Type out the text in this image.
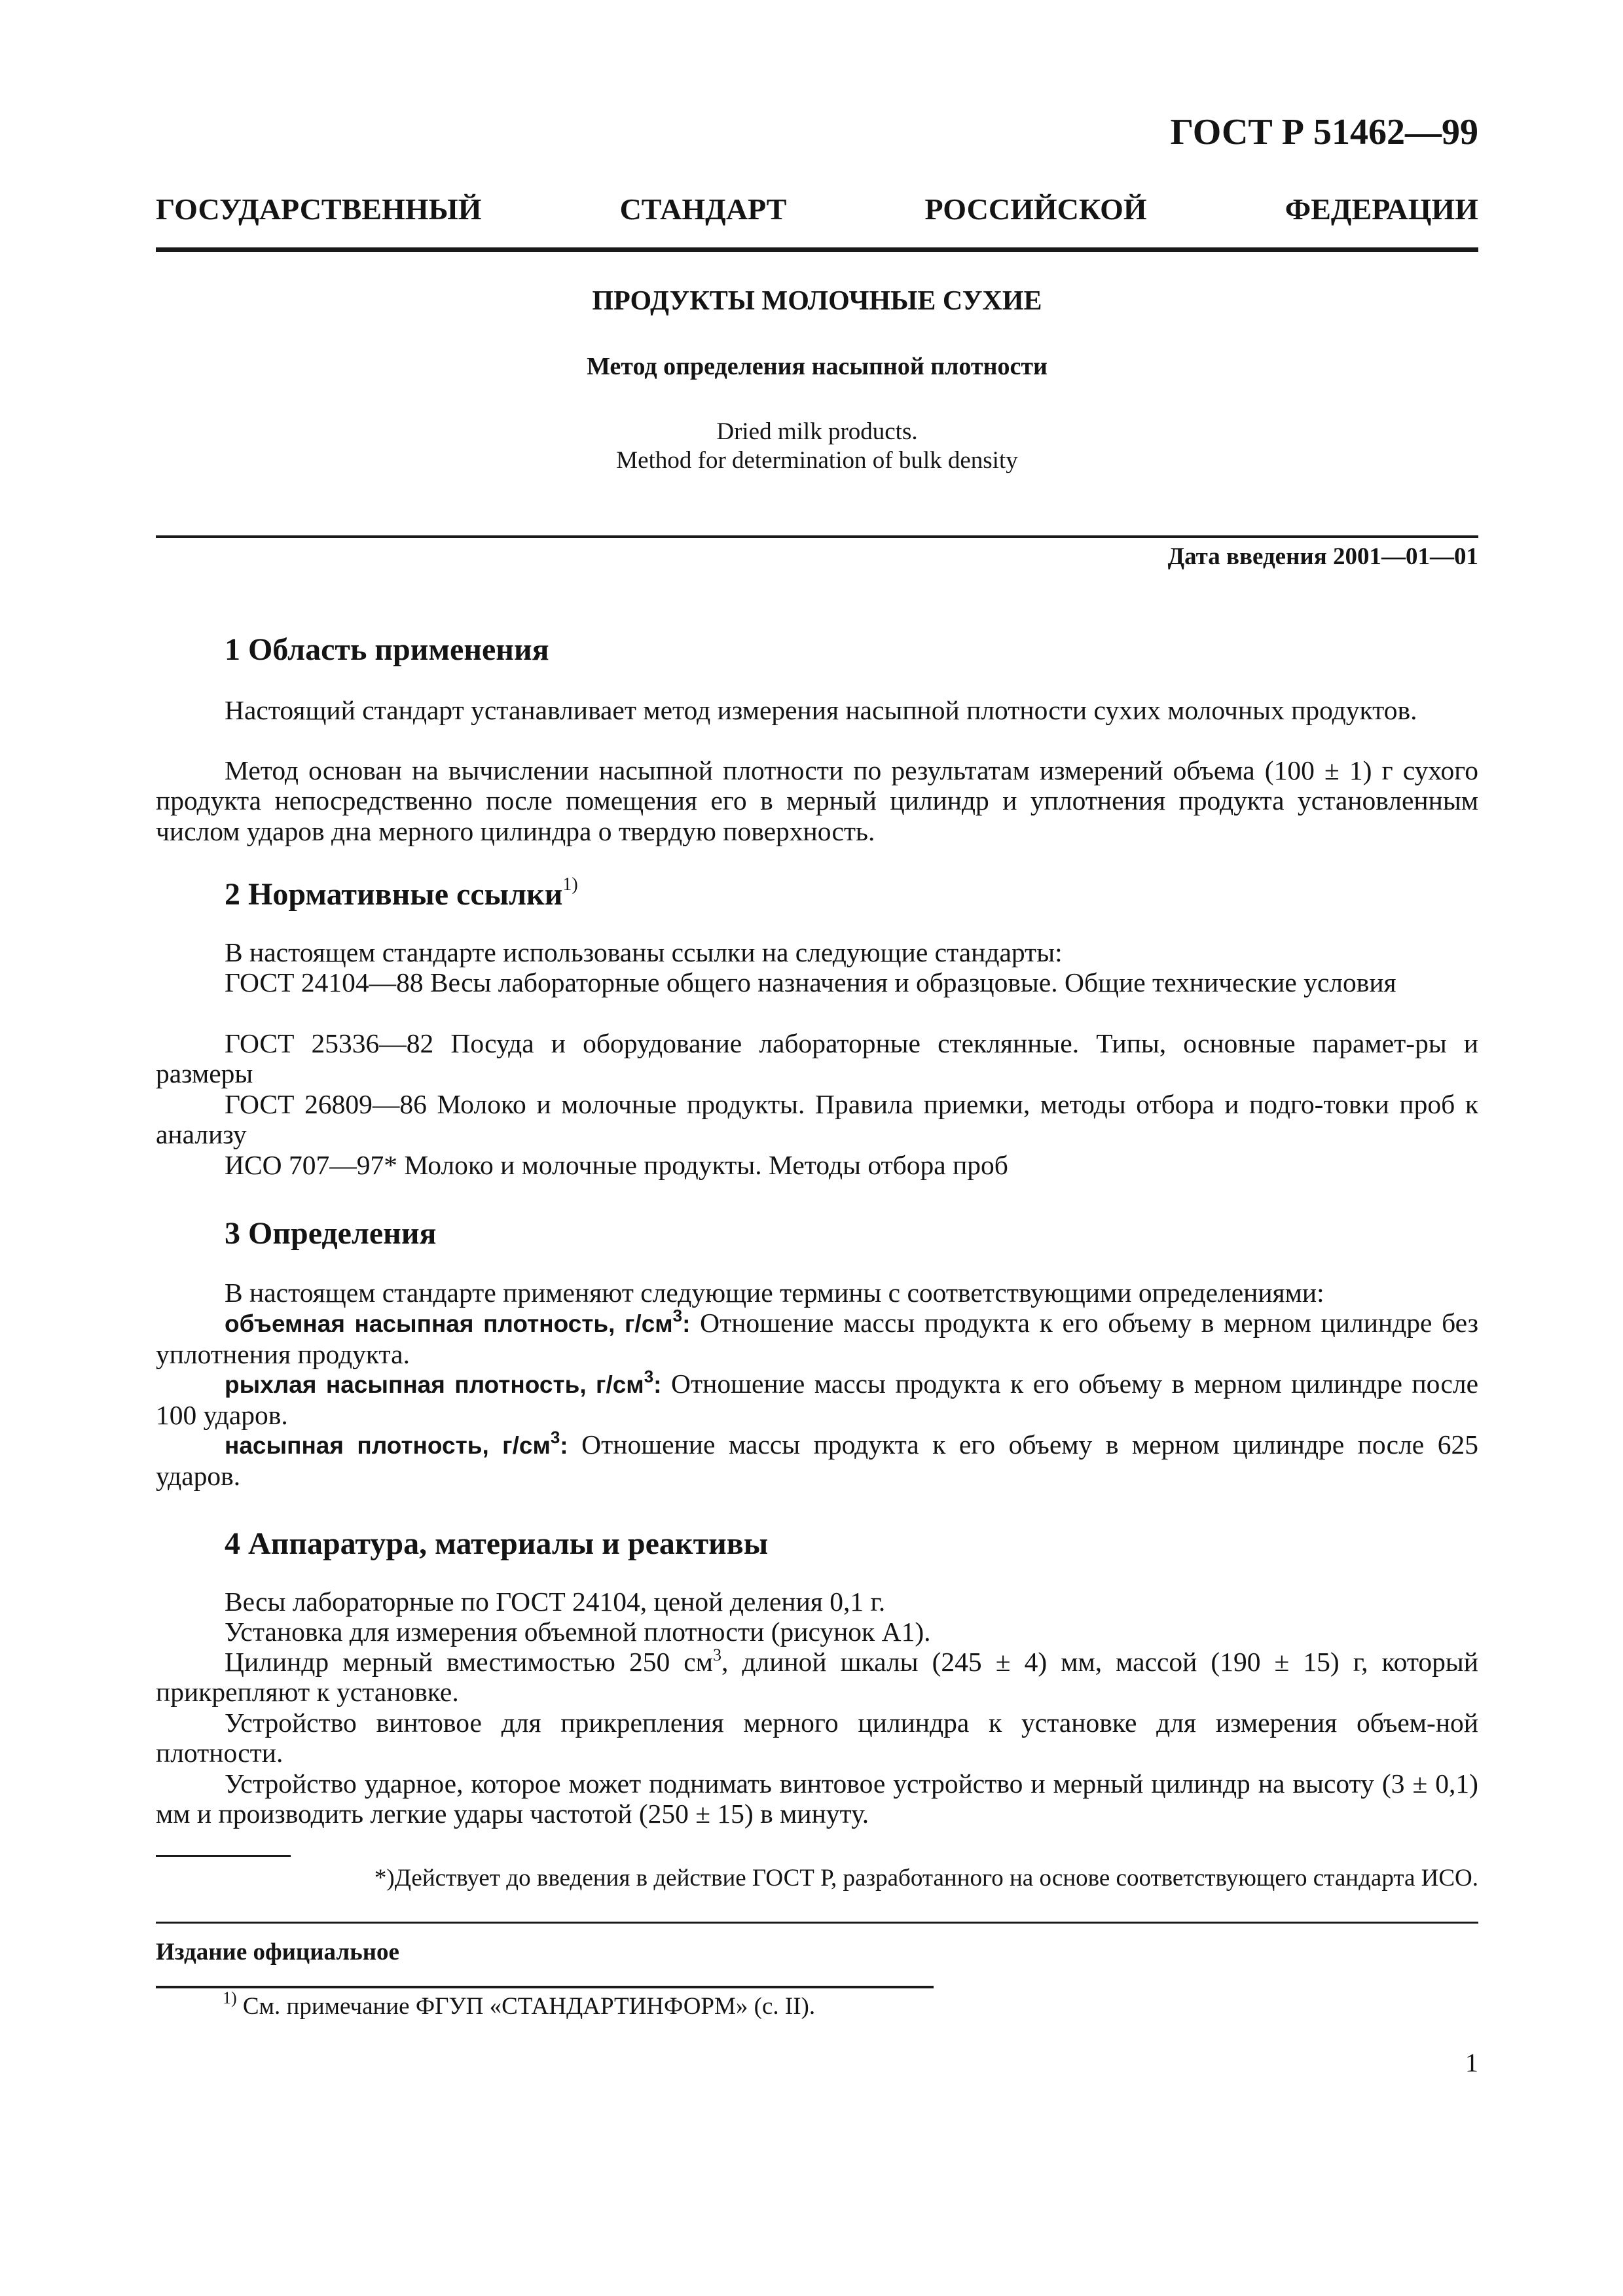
ГОСТ Р 51462—99
ГОСУДАРСТВЕННЫЙ СТАНДАРТ РОССИЙСКОЙ ФЕДЕРАЦИИ
ПРОДУКТЫ МОЛОЧНЫЕ СУХИЕ
Метод определения насыпной плотности
Dried milk products.
Method for determination of bulk density
Дата введения 2001—01—01
1 Область применения
Настоящий стандарт устанавливает метод измерения насыпной плотности сухих молочных продуктов.
Метод основан на вычислении насыпной плотности по результатам измерений объема (100 ± 1) г сухого продукта непосредственно после помещения его в мерный цилиндр и уплотнения продукта установленным числом ударов дна мерного цилиндра о твердую поверхность.
2 Нормативные ссылки$^{1)}$
В настоящем стандарте использованы ссылки на следующие стандарты:
ГОСТ 24104—88 Весы лабораторные общего назначения и образцовые. Общие технические условия
ГОСТ 25336—82 Посуда и оборудование лабораторные стеклянные. Типы, основные парамет-ры и размеры
ГОСТ 26809—86 Молоко и молочные продукты. Правила приемки, методы отбора и подго-товки проб к анализу
ИСО 707—97* Молоко и молочные продукты. Методы отбора проб
3 Определения
В настоящем стандарте применяют следующие термины с соответствующими определениями:
объемная насыпная плотность, $г/см^3$: Отношение массы продукта к его объему в мерном цилиндре без уплотнения продукта.
рыхлая насыпная плотность, $г/см^3$: Отношение массы продукта к его объему в мерном цилиндре после 100 ударов.
насыпная плотность, $г/см^3$: Отношение массы продукта к его объему в мерном цилиндре после 625 ударов.
4 Аппаратура, материалы и реактивы
Весы лабораторные по ГОСТ 24104, ценой деления 0,1 г.
Установка для измерения объемной плотности (рисунок А1).
Цилиндр мерный вместимостью 250 $см^3$, длиной шкалы (245 ± 4) мм, массой (190 ± 15) г, который прикрепляют к установке.
Устройство винтовое для прикрепления мерного цилиндра к установке для измерения объем-ной плотности.
Устройство ударное, которое может поднимать винтовое устройство и мерный цилиндр на высоту (3 ± 0,1) мм и производить легкие удары частотой (250 ± 15) в минуту.
*)Действует до введения в действие ГОСТ Р, разработанного на основе соответствующего стандарта ИСО.
Издание официальное
$^{1)}$ См. примечание ФГУП «СТАНДАРТИНФОРМ» (с. II).
1
